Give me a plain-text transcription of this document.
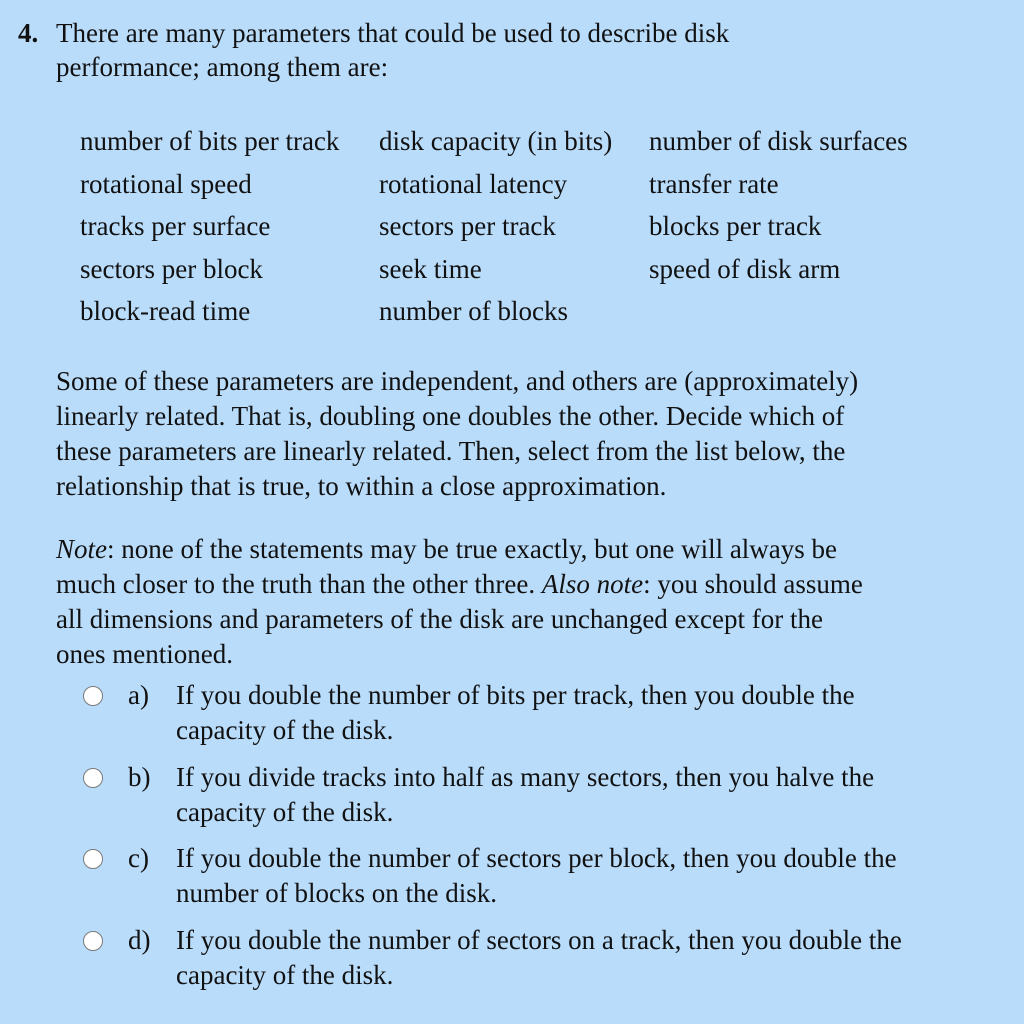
4. There are many parameters that could be used to describe disk
performance; among them are:
number of bits per track	disk capacity (in bits)	number of disk surfaces
rotational speed	rotational latency	transfer rate
tracks per surface	sectors per track	blocks per track
sectors per block	seek time	speed of disk arm
block-read time	number of blocks
Some of these parameters are independent, and others are (approximately)
linearly related. That is, doubling one doubles the other. Decide which of
these parameters are linearly related. Then, select from the list below, the
relationship that is true, to within a close approximation.
Note: none of the statements may be true exactly, but one will always be
much closer to the truth than the other three. Also note: you should assume
all dimensions and parameters of the disk are unchanged except for the
ones mentioned.
a) If you double the number of bits per track, then you double the
capacity of the disk.
b) If you divide tracks into half as many sectors, then you halve the
capacity of the disk.
c) If you double the number of sectors per block, then you double the
number of blocks on the disk.
d) If you double the number of sectors on a track, then you double the
capacity of the disk.
